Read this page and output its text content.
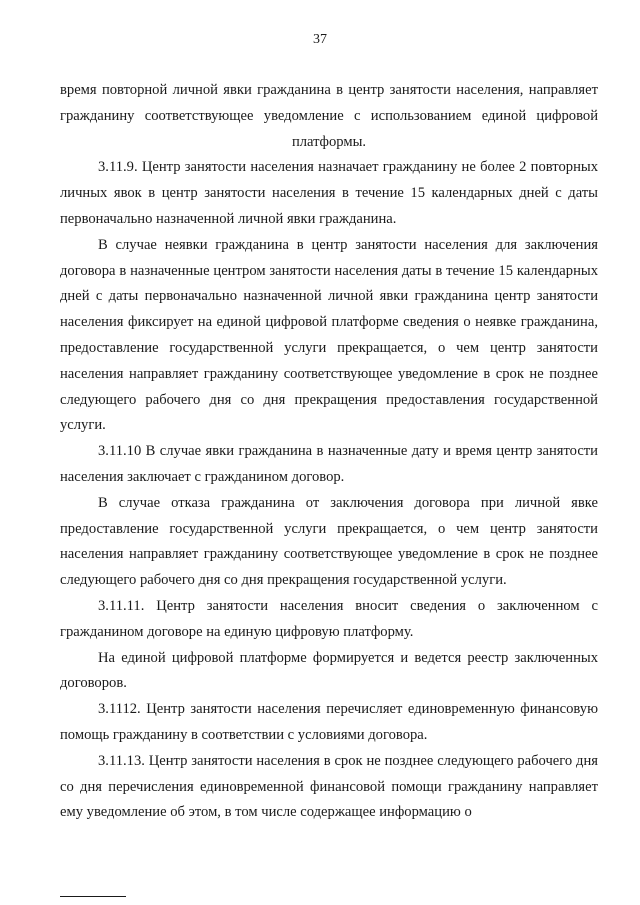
37

время повторной личной явки гражданина в центр занятости населения, направляет гражданину соответствующее уведомление с использованием единой цифровой платформы.

3.11.9. Центр занятости населения назначает гражданину не более 2 повторных личных явок в центр занятости населения в течение 15 календарных дней с даты первоначально назначенной личной явки гражданина.

В случае неявки гражданина в центр занятости населения для заключения договора в назначенные центром занятости населения даты в течение 15 календарных дней с даты первоначально назначенной личной явки гражданина центр занятости населения фиксирует на единой цифровой платформе сведения о неявке гражданина, предоставление государственной услуги прекращается, о чем центр занятости населения направляет гражданину соответствующее уведомление в срок не позднее следующего рабочего дня со дня прекращения предоставления государственной услуги.

3.11.10 В случае явки гражданина в назначенные дату и время центр занятости населения заключает с гражданином договор.

В случае отказа гражданина от заключения договора при личной явке предоставление государственной услуги прекращается, о чем центр занятости населения направляет гражданину соответствующее уведомление в срок не позднее следующего рабочего дня со дня прекращения государственной услуги.

3.11.11. Центр занятости населения вносит сведения о заключенном с гражданином договоре на единую цифровую платформу.

На единой цифровой платформе формируется и ведется реестр заключенных договоров.

3.1112. Центр занятости населения перечисляет единовременную финансовую помощь гражданину в соответствии с условиями договора.

3.11.13. Центр занятости населения в срок не позднее следующего рабочего дня со дня перечисления единовременной финансовой помощи гражданину направляет ему уведомление об этом, в том числе содержащее информацию о
